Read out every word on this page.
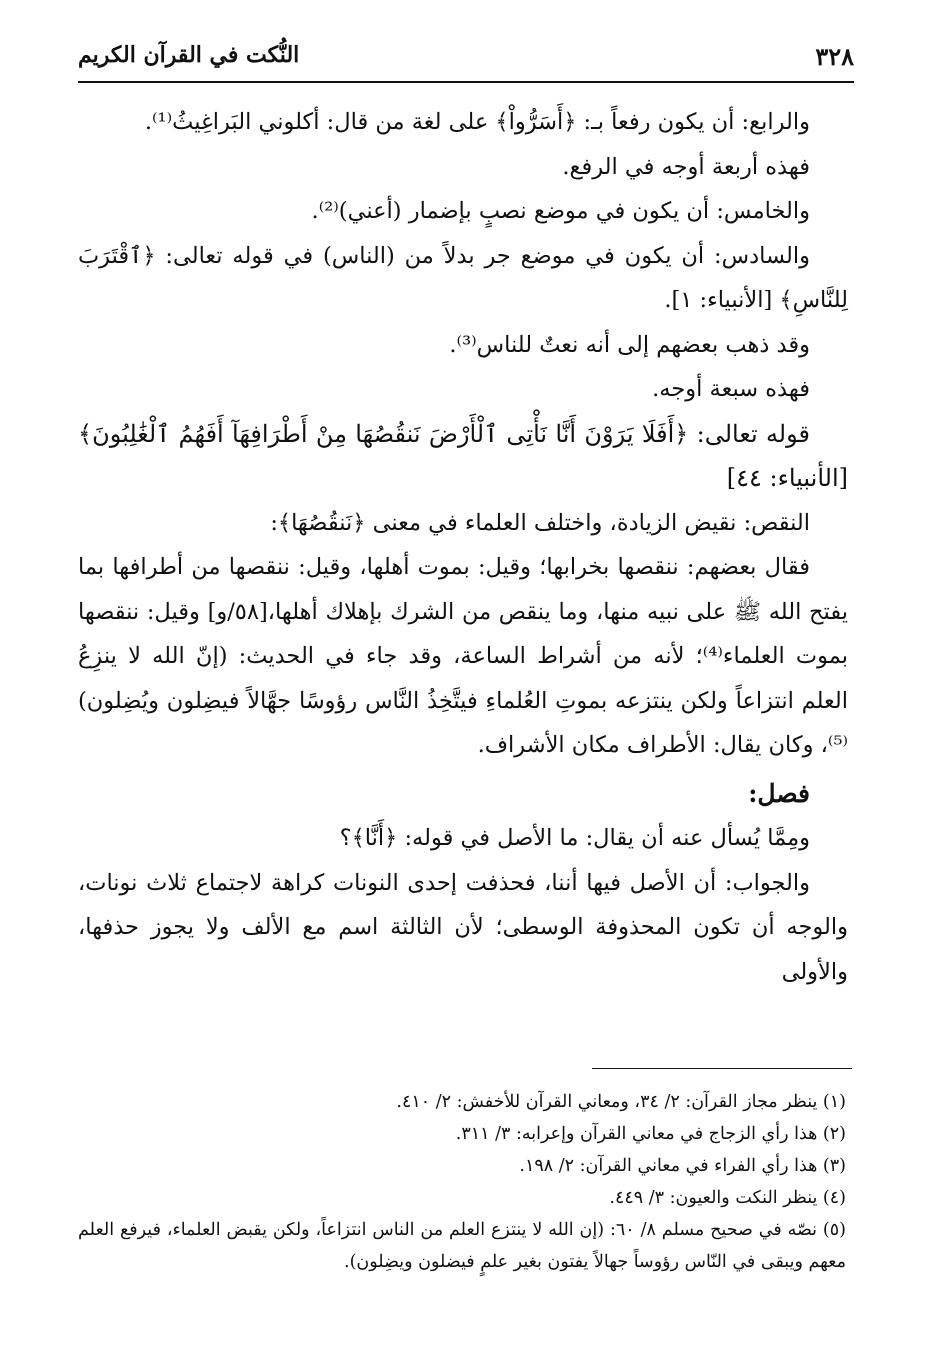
٣٢٨
النُّكت في القرآن الكريم

والرابع: أن يكون رفعاً بـ: ﴿أَسَرُّواْ﴾ على لغة من قال: أكلوني البَراغِيثُ⁽¹⁾.

فهذه أربعة أوجه في الرفع.

والخامس: أن يكون في موضع نصبٍ بإضمار (أعني)⁽²⁾.

والسادس: أن يكون في موضع جر بدلاً من (الناس) في قوله تعالى: ﴿ٱقْتَرَبَ لِلنَّاسِ﴾ [الأنبياء: ١].

وقد ذهب بعضهم إلى أنه نعتٌ للناس⁽³⁾.

فهذه سبعة أوجه.

قوله تعالى: ﴿أَفَلَا يَرَوْنَ أَنَّا نَأْتِى ٱلْأَرْضَ نَنقُصُهَا مِنْ أَطْرَافِهَآ أَفَهُمُ ٱلْغَٰلِبُونَ﴾ [الأنبياء: ٤٤]

النقص: نقيض الزيادة، واختلف العلماء في معنى ﴿نَنقُصُهَا﴾:

فقال بعضهم: ننقصها بخرابها؛ وقيل: بموت أهلها، وقيل: ننقصها من أطرافها بما يفتح الله ﷺ على نبيه منها، وما ينقص من الشرك بإهلاك أهلها،[٥٨/و] وقيل: ننقصها بموت العلماء⁽⁴⁾؛ لأنه من أشراط الساعة، وقد جاء في الحديث: (إنّ الله لا ينزِعُ العلم انتزاعاً ولكن ينتزعه بموتِ العُلماءِ فيتَّخِذُ النَّاس رؤوسًا جهَّالاً فيضِلون ويُضِلون)⁽⁵⁾، وكان يقال: الأطراف مكان الأشراف.

فصل:

ومِمَّا يُسأل عنه أن يقال: ما الأصل في قوله: ﴿أَنَّا﴾؟

والجواب: أن الأصل فيها أننا، فحذفت إحدى النونات كراهة لاجتماع ثلاث نونات، والوجه أن تكون المحذوفة الوسطى؛ لأن الثالثة اسم مع الألف ولا يجوز حذفها، والأولى

(١) ينظر مجاز القرآن: ٢/ ٣٤، ومعاني القرآن للأخفش: ٢/ ٤١٠.

(٢) هذا رأي الزجاج في معاني القرآن وإعرابه: ٣/ ٣١١.

(٣) هذا رأي الفراء في معاني القرآن: ٢/ ١٩٨.

(٤) ينظر النكت والعيون: ٣/ ٤٤٩.

(٥) نصّه في صحيح مسلم ٨/ ٦٠: (إن الله لا ينتزع العلم من الناس انتزاعاً، ولكن يقبض العلماء، فيرفع العلم معهم ويبقى في النّاس رؤوساً جهالاً يفتون بغير علمٍ فيضلون ويضِلون).
